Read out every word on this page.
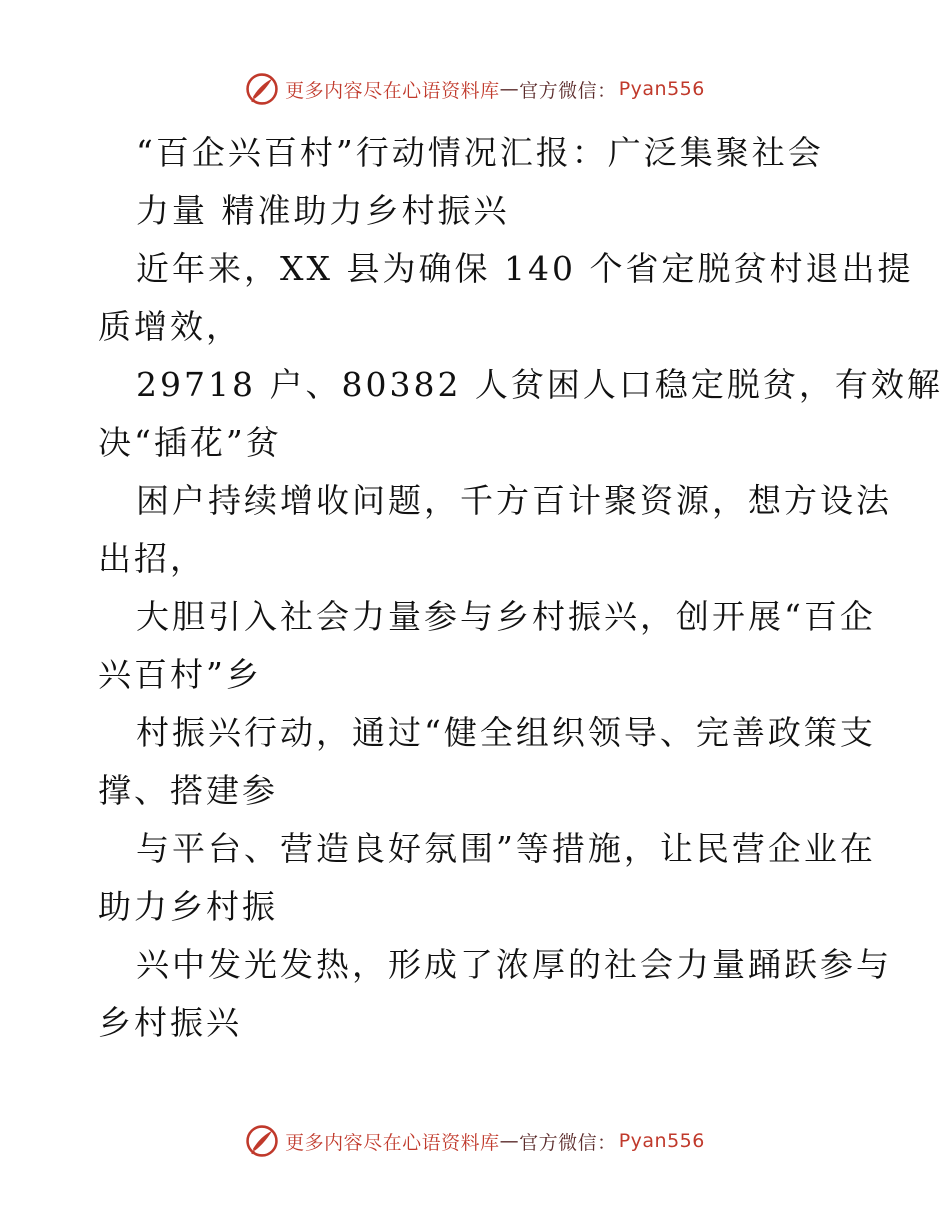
更多内容尽在心语资料库 — 官方微信： Pyan556
“百企兴百村”行动情况汇报：广泛集聚社会
力量 精准助力乡村振兴
近年来，XX 县为确保 140 个省定脱贫村退出提
质增效，
29718 户、80382 人贫困人口稳定脱贫，有效解
决“插花”贫
困户持续增收问题，千方百计聚资源，想方设法
出招，
大胆引入社会力量参与乡村振兴，创开展“百企
兴百村”乡
村振兴行动，通过“健全组织领导、完善政策支
撑、搭建参
与平台、营造良好氛围”等措施，让民营企业在
助力乡村振
兴中发光发热，形成了浓厚的社会力量踊跃参与
乡村振兴
更多内容尽在心语资料库 — 官方微信： Pyan556
